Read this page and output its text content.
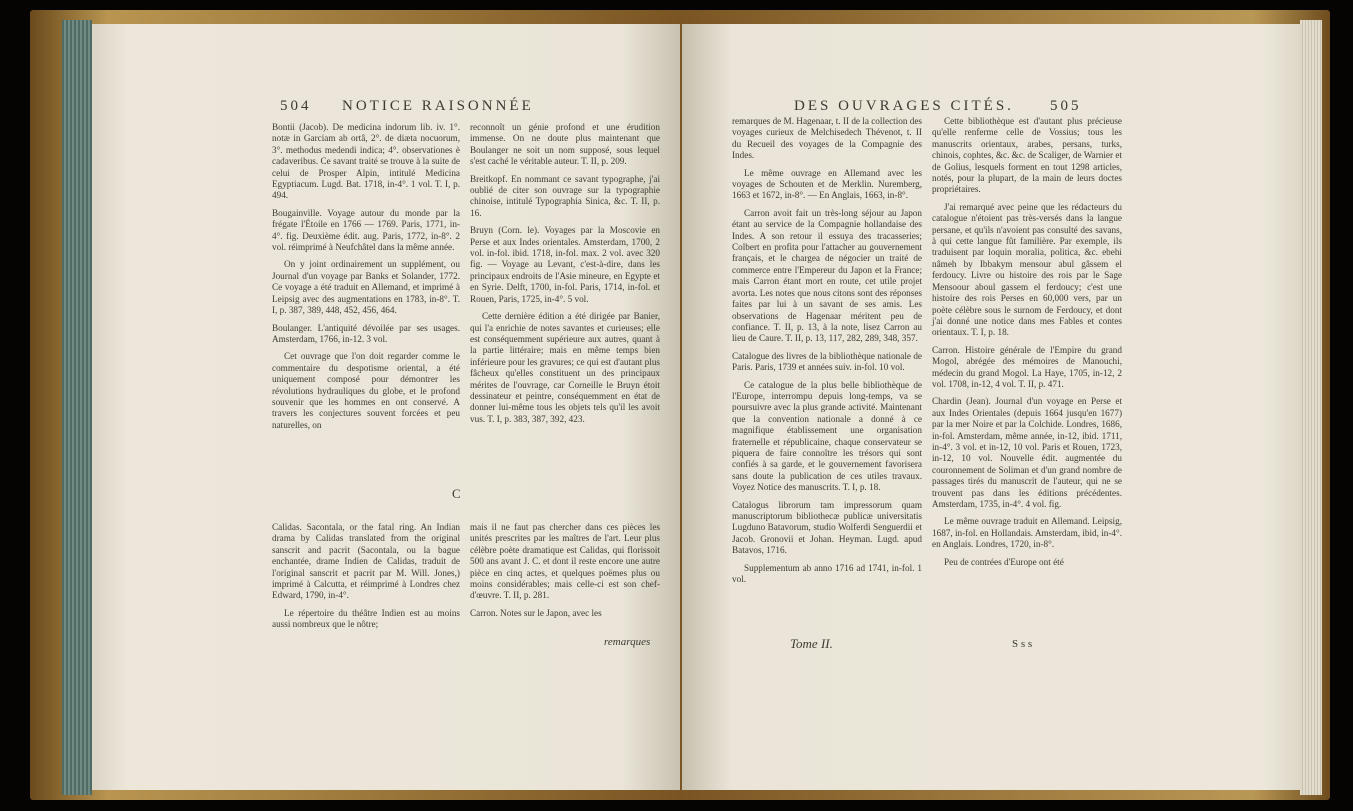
504 NOTICE RAISONNÉE

Bontii (Jacob). De medicina indorum lib. iv. 1°. notæ in Garciam ab ortâ, 2°. de diæta nocuorum, 3°. methodus medendi indica; 4°. observationes è cadaveribus. Ce savant traité se trouve à la suite de celui de Prosper Alpin, intitulé Medicina Egyptiacum. Lugd. Bat. 1718, in-4°. 1 vol. T. I, p. 494.

Bougainville. Voyage autour du monde par la frégate l'Étoile en 1766 — 1769. Paris, 1771, in-4°. fig. Deuxième édit. aug. Paris, 1772, in-8°. 2 vol. réimprimé à Neufchâtel dans la même année.

On y joint ordinairement un supplément, ou Journal d'un voyage par Banks et Solander, 1772. Ce voyage a été traduit en Allemand, et imprimé à Leipsig avec des augmentations en 1783, in-8°. T. I, p. 387, 389, 448, 452, 456, 464.

Boulanger. L'antiquité dévoilée par ses usages. Amsterdam, 1766, in-12. 3 vol.

Cet ouvrage que l'on doit regarder comme le commentaire du despotisme oriental, a été uniquement composé pour démontrer les révolutions hydrauliques du globe, et le profond souvenir que les hommes en ont conservé. A travers les conjectures souvent forcées et peu naturelles, on

reconnoît un génie profond et une érudition immense. On ne doute plus maintenant que Boulanger ne soit un nom supposé, sous lequel s'est caché le véritable auteur. T. II, p. 209.

Breitkopf. En nommant ce savant typographe, j'ai oublié de citer son ouvrage sur la typographie chinoise, intitulé Typographia Sinica, &c. T. II, p. 16.

Bruyn (Corn. le). Voyages par la Moscovie en Perse et aux Indes orientales. Amsterdam, 1700, 2 vol. in-fol. ibid. 1718, in-fol. max. 2 vol. avec 320 fig. — Voyage au Levant, c'est-à-dire, dans les principaux endroits de l'Asie mineure, en Egypte et en Syrie. Delft, 1700, in-fol. Paris, 1714, in-fol. et Rouen, Paris, 1725, in-4°. 5 vol.

Cette dernière édition a été dirigée par Banier, qui l'a enrichie de notes savantes et curieuses; elle est conséquemment supérieure aux autres, quant à la partie littéraire; mais en même temps bien inférieure pour les gravures; ce qui est d'autant plus fâcheux qu'elles constituent un des principaux mérites de l'ouvrage, car Corneille le Bruyn étoit dessinateur et peintre, conséquemment en état de donner lui-même tous les objets tels qu'il les avoit vus. T. I, p. 383, 387, 392, 423.

C

Calidas. Sacontala, or the fatal ring. An Indian drama by Calidas translated from the original sanscrit and pacrit (Sacontala, ou la bague enchantée, drame Indien de Calidas, traduit de l'original sanscrit et pacrit par M. Will. Jones,) imprimé à Calcutta, et réimprimé à Londres chez Edward, 1790, in-4°.

Le répertoire du théâtre Indien est au moins aussi nombreux que le nôtre;

mais il ne faut pas chercher dans ces pièces les unités prescrites par les maîtres de l'art. Leur plus célèbre poète dramatique est Calidas, qui florissoit 500 ans avant J. C. et dont il reste encore une autre pièce en cinq actes, et quelques poëmes plus ou moins considérables; mais celle-ci est son chef-d'œuvre. T. II, p. 281.

Carron. Notes sur le Japon, avec les

remarques
DES OUVRAGES CITÉS. 505

remarques de M. Hagenaar, t. II de la collection des voyages curieux de Melchisedech Thévenot, t. II du Recueil des voyages de la Compagnie des Indes.

Le même ouvrage en Allemand avec les voyages de Schouten et de Merklin. Nuremberg, 1663 et 1672, in-8°. — En Anglais, 1663, in-8°.

Carron avoit fait un très-long séjour au Japon étant au service de la Compagnie hollandaise des Indes. A son retour il essuya des tracasseries; Colbert en profita pour l'attacher au gouvernement français, et le chargea de négocier un traité de commerce entre l'Empereur du Japon et la France; mais Carron étant mort en route, cet utile projet avorta. Les notes que nous citons sont des réponses faites par lui à un savant de ses amis. Les observations de Hagenaar méritent peu de confiance. T. II, p. 13, à la note, lisez Carron au lieu de Caure. T. II, p. 13, 117, 282, 289, 348, 357.

Catalogue des livres de la bibliothèque nationale de Paris. Paris, 1739 et années suiv. in-fol. 10 vol.

Ce catalogue de la plus belle bibliothèque de l'Europe, interrompu depuis long-temps, va se poursuivre avec la plus grande activité. Maintenant que la convention nationale a donné à ce magnifique établissement une organisation fraternelle et républicaine, chaque conservateur se piquera de faire connoître les trésors qui sont confiés à sa garde, et le gouvernement favorisera sans doute la publication de ces utiles travaux. Voyez Notice des manuscrits. T. I, p. 18.

Catalogus librorum tam impressorum quam manuscriptorum bibliothecæ publicæ universitatis Lugduno Batavorum, studio Wolferdi Senguerdii et Jacob. Gronovii et Johan. Heyman. Lugd. apud Batavos, 1716.

Supplementum ab anno 1716 ad 1741, in-fol. 1 vol.

Cette bibliothèque est d'autant plus précieuse qu'elle renferme celle de Vossius; tous les manuscrits orientaux, arabes, persans, turks, chinois, cophtes, &c. &c. de Scaliger, de Warnier et de Golius, lesquels forment en tout 1298 articles, notés, pour la plupart, de la main de leurs doctes propriétaires.

J'ai remarqué avec peine que les rédacteurs du catalogue n'étoient pas très-versés dans la langue persane, et qu'ils n'avoient pas consulté des savans, à qui cette langue fût familière. Par exemple, ils traduisent par loquin moralia, politica, &c. ebehi nâmeh by Ibbakym mensour abul gâssem el ferdoucy. Livre ou histoire des rois par le Sage Mensoour aboul gassem el ferdoucy; c'est une histoire des rois Perses en 60,000 vers, par un poète célèbre sous le surnom de Ferdoucy, et dont j'ai donné une notice dans mes Fables et contes orientaux. T. I, p. 18.

Carron. Histoire générale de l'Empire du grand Mogol, abrégée des mémoires de Manouchi, médecin du grand Mogol. La Haye, 1705, in-12, 2 vol. 1708, in-12, 4 vol. T. II, p. 471.

Chardin (Jean). Journal d'un voyage en Perse et aux Indes Orientales (depuis 1664 jusqu'en 1677) par la mer Noire et par la Colchide. Londres, 1686, in-fol. Amsterdam, même année, in-12, ibid. 1711, in-4°. 3 vol. et in-12, 10 vol. Paris et Rouen, 1723, in-12, 10 vol. Nouvelle édit. augmentée du couronnement de Soliman et d'un grand nombre de passages tirés du manuscrit de l'auteur, qui ne se trouvent pas dans les éditions précédentes. Amsterdam, 1735, in-4°. 4 vol. fig.

Le même ouvrage traduit en Allemand. Leipsig, 1687, in-fol. en Hollandais. Amsterdam, ibid, in-4°. en Anglais. Londres, 1720, in-8°.

Peu de contrées d'Europe ont été

Tome II.	S s s
